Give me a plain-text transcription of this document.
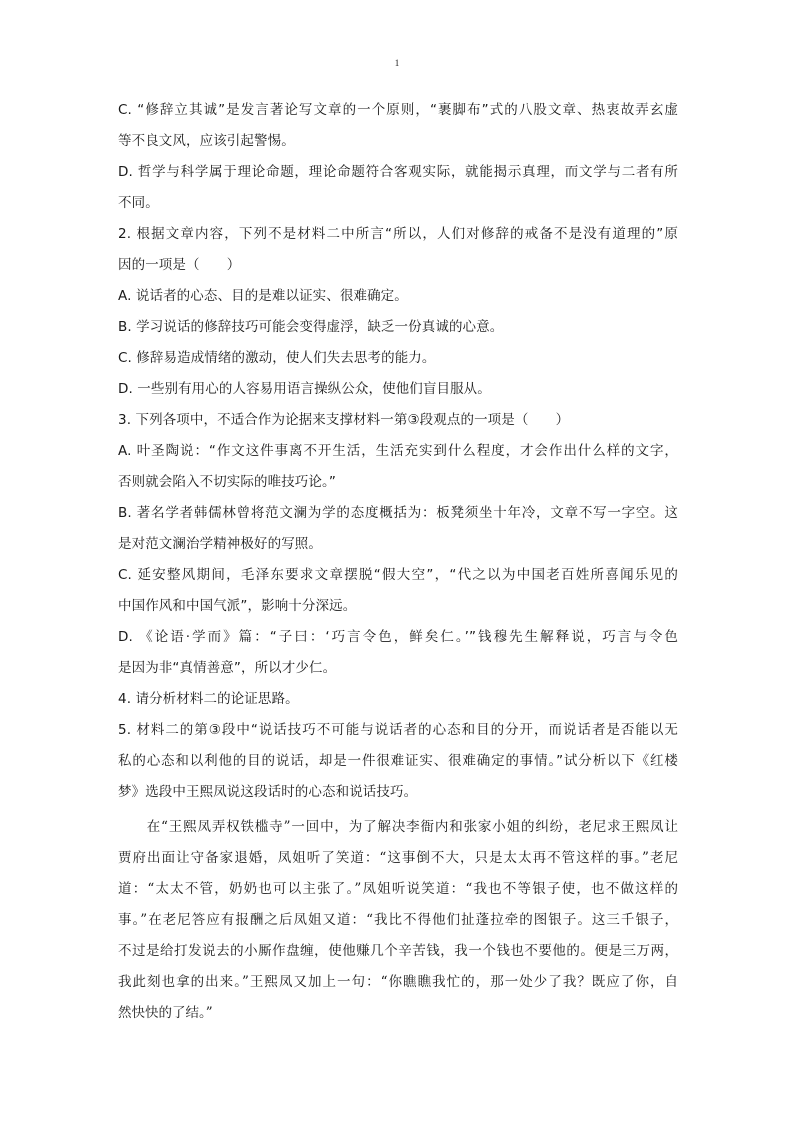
1
C. “修辞立其诚”是发言著论写文章的一个原则，“裹脚布”式的八股文章、热衷故弄玄虚
等不良文风，应该引起警惕。
D. 哲学与科学属于理论命题，理论命题符合客观实际，就能揭示真理，而文学与二者有所
不同。
2. 根据文章内容，下列不是材料二中所言“所以，人们对修辞的戒备不是没有道理的”原
因的一项是（　　）
A. 说话者的心态、目的是难以证实、很难确定。
B. 学习说话的修辞技巧可能会变得虚浮，缺乏一份真诚的心意。
C. 修辞易造成情绪的激动，使人们失去思考的能力。
D. 一些别有用心的人容易用语言操纵公众，使他们盲目服从。
3. 下列各项中，不适合作为论据来支撑材料一第③段观点的一项是（　　）
A. 叶圣陶说：“作文这件事离不开生活，生活充实到什么程度，才会作出什么样的文字，
否则就会陷入不切实际的唯技巧论。”
B. 著名学者韩儒林曾将范文澜为学的态度概括为：板凳须坐十年冷，文章不写一字空。这
是对范文澜治学精神极好的写照。
C. 延安整风期间，毛泽东要求文章摆脱“假大空”，“代之以为中国老百姓所喜闻乐见的
中国作风和中国气派”，影响十分深远。
D. 《论语·学而》篇：“子曰：‘巧言令色，鲜矣仁。’”钱穆先生解释说，巧言与令色
是因为非“真情善意”，所以才少仁。
4. 请分析材料二的论证思路。
5. 材料二的第③段中“说话技巧不可能与说话者的心态和目的分开，而说话者是否能以无
私的心态和以利他的目的说话，却是一件很难证实、很难确定的事情。”试分析以下《红楼
梦》选段中王熙凤说这段话时的心态和说话技巧。
　　在“王熙凤弄权铁槛寺”一回中，为了解决李衙内和张家小姐的纠纷，老尼求王熙凤让
贾府出面让守备家退婚，凤姐听了笑道：“这事倒不大，只是太太再不管这样的事。”老尼
道：“太太不管，奶奶也可以主张了。”凤姐听说笑道：“我也不等银子使，也不做这样的
事。”在老尼答应有报酬之后凤姐又道：“我比不得他们扯蓬拉牵的图银子。这三千银子，
不过是给打发说去的小厮作盘缠，使他赚几个辛苦钱，我一个钱也不要他的。便是三万两，
我此刻也拿的出来。”王熙凤又加上一句：“你瞧瞧我忙的，那一处少了我？既应了你，自
然快快的了结。”
